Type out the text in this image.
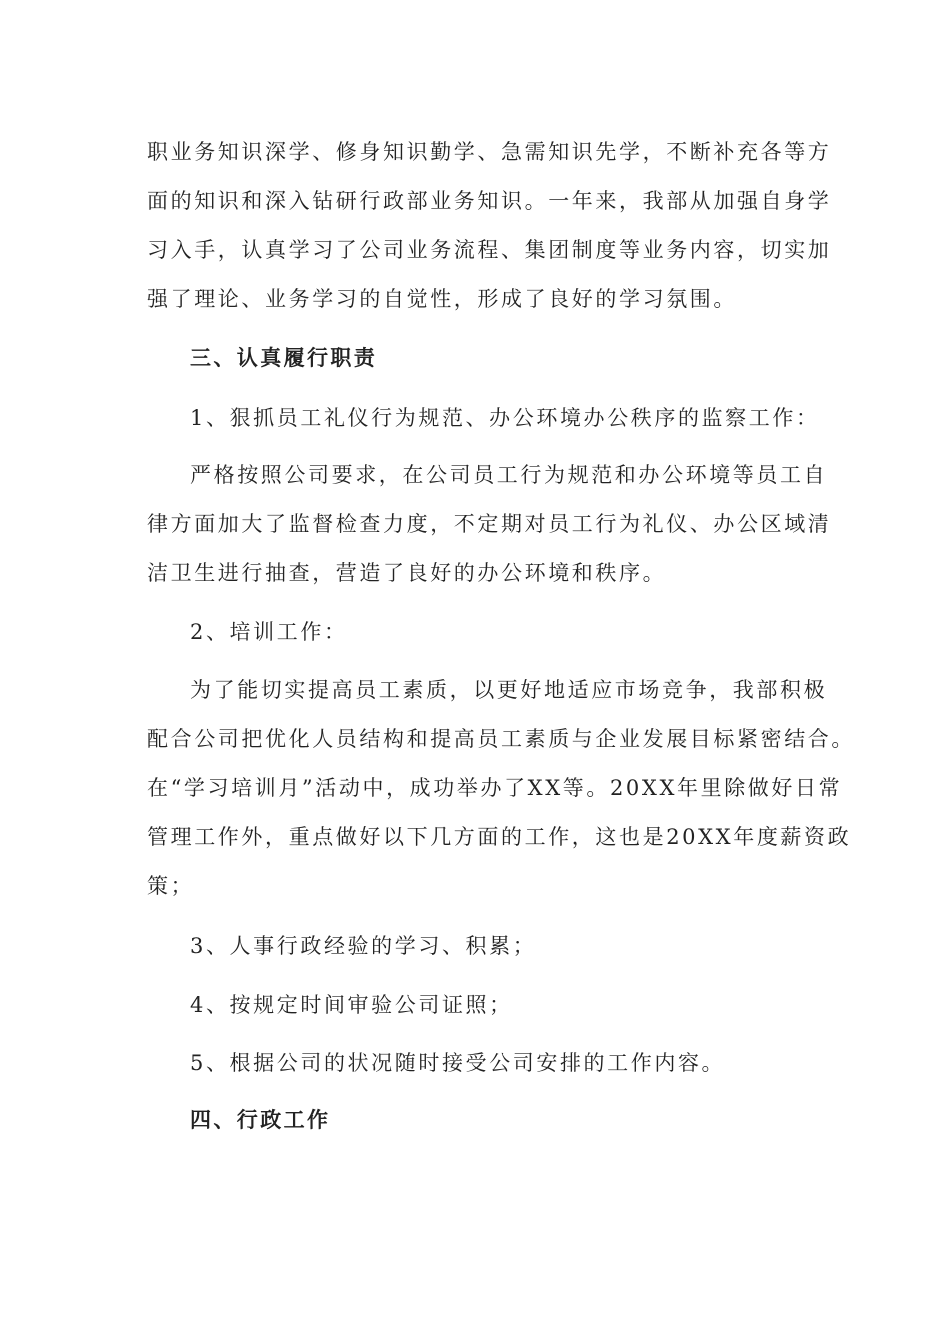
职业务知识深学、修身知识勤学、急需知识先学，不断补充各等方
面的知识和深入钻研行政部业务知识。一年来，我部从加强自身学
习入手，认真学习了公司业务流程、集团制度等业务内容，切实加
强了理论、业务学习的自觉性，形成了良好的学习氛围。
三、认真履行职责
1、狠抓员工礼仪行为规范、办公环境办公秩序的监察工作：
严格按照公司要求，在公司员工行为规范和办公环境等员工自
律方面加大了监督检查力度，不定期对员工行为礼仪、办公区域清
洁卫生进行抽查，营造了良好的办公环境和秩序。
2、培训工作：
为了能切实提高员工素质，以更好地适应市场竞争，我部积极
配合公司把优化人员结构和提高员工素质与企业发展目标紧密结合。
在“学习培训月”活动中，成功举办了XX等。20XX年里除做好日常
管理工作外，重点做好以下几方面的工作，这也是20XX年度薪资政
策；
3、人事行政经验的学习、积累；
4、按规定时间审验公司证照；
5、根据公司的状况随时接受公司安排的工作内容。
四、行政工作
